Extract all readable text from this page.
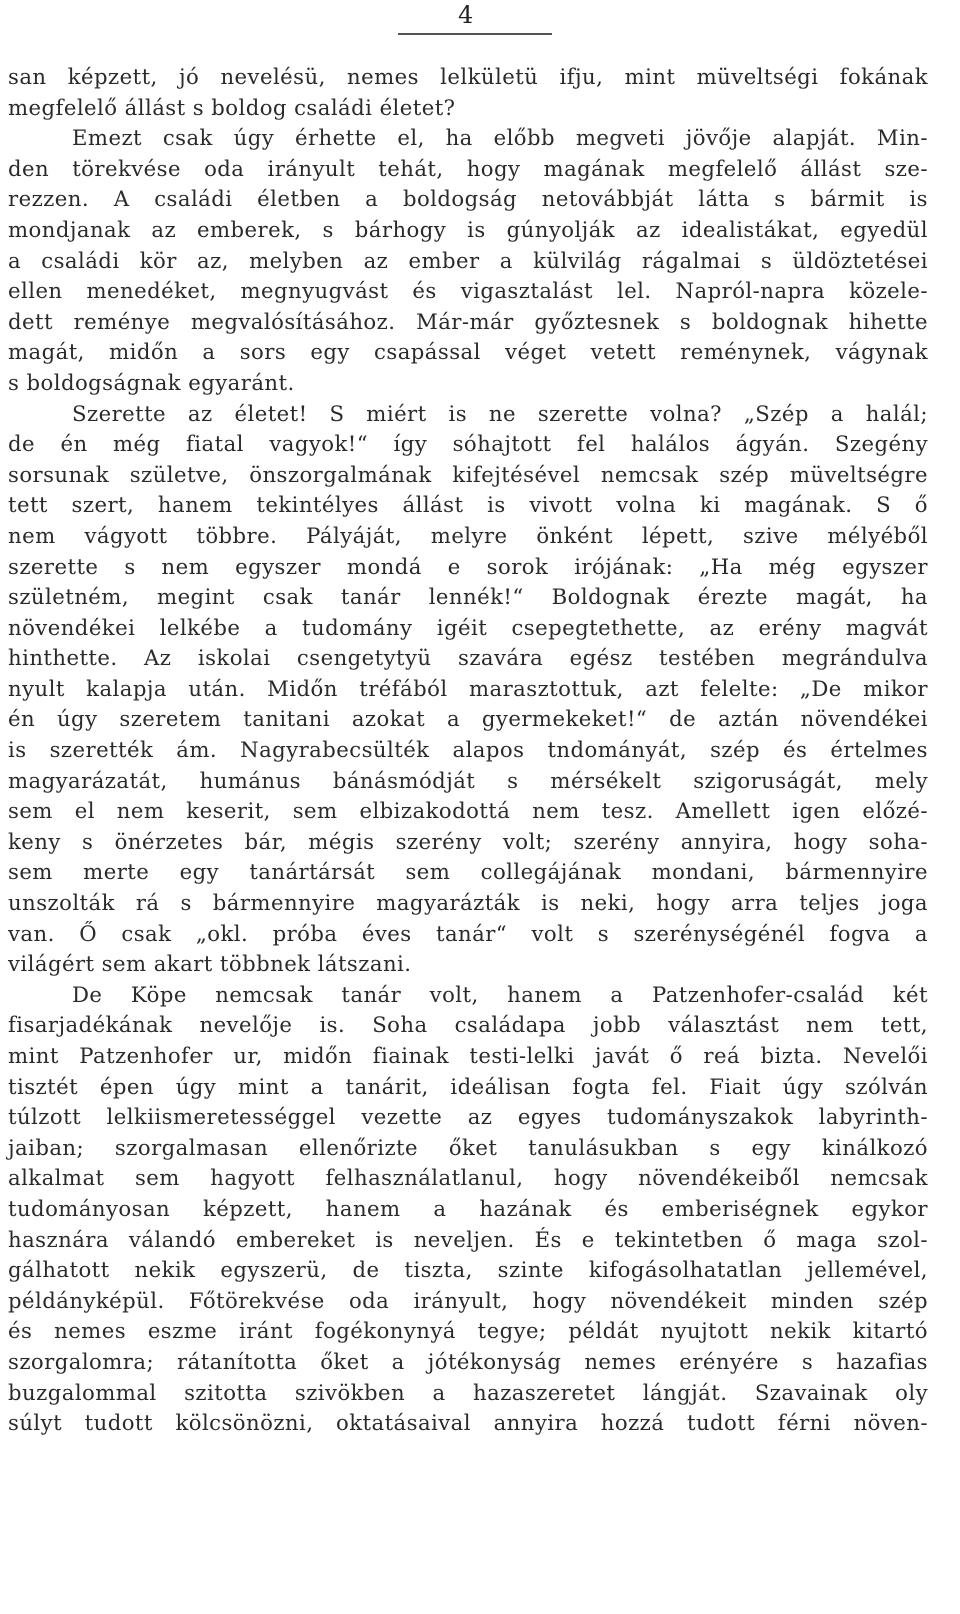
4
san képzett, jó nevelésü, nemes lelkületü ifju, mint müveltségi fokának
megfelelő állást s boldog családi életet?
Emezt csak úgy érhette el, ha előbb megveti jövője alapját. Min-
den törekvése oda irányult tehát, hogy magának megfelelő állást sze-
rezzen. A családi életben a boldogság netovábbját látta s bármit is
mondjanak az emberek, s bárhogy is gúnyolják az idealistákat, egyedül
a családi kör az, melyben az ember a külvilág rágalmai s üldöztetései
ellen menedéket, megnyugvást és vigasztalást lel. Napról-napra közele-
dett reménye megvalósításához. Már-már győztesnek s boldognak hihette
magát, midőn a sors egy csapással véget vetett reménynek, vágynak
s boldogságnak egyaránt.
Szerette az életet! S miért is ne szerette volna? „Szép a halál;
de én még fiatal vagyok!“ így sóhajtott fel halálos ágyán. Szegény
sorsunak születve, önszorgalmának kifejtésével nemcsak szép müveltségre
tett szert, hanem tekintélyes állást is vivott volna ki magának. S ő
nem vágyott többre. Pályáját, melyre önként lépett, szive mélyéből
szerette s nem egyszer mondá e sorok irójának: „Ha még egyszer
születném, megint csak tanár lennék!“ Boldognak érezte magát, ha
növendékei lelkébe a tudomány igéit csepegtethette, az erény magvát
hinthette. Az iskolai csengetytyü szavára egész testében megrándulva
nyult kalapja után. Midőn tréfából marasztottuk, azt felelte: „De mikor
én úgy szeretem tanitani azokat a gyermekeket!“ de aztán növendékei
is szerették ám. Nagyrabecsülték alapos tndományát, szép és értelmes
magyarázatát, humánus bánásmódját s mérsékelt szigoruságát, mely
sem el nem keserit, sem elbizakodottá nem tesz. Amellett igen előzé-
keny s önérzetes bár, mégis szerény volt; szerény annyira, hogy soha-
sem merte egy tanártársát sem collegájának mondani, bármennyire
unszolták rá s bármennyire magyarázták is neki, hogy arra teljes joga
van. Ő csak „okl. próba éves tanár“ volt s szerénységénél fogva a
világért sem akart többnek látszani.
De Köpe nemcsak tanár volt, hanem a Patzenhofer-család két
fisarjadékának nevelője is. Soha családapa jobb választást nem tett,
mint Patzenhofer ur, midőn fiainak testi-lelki javát ő reá bizta. Nevelői
tisztét épen úgy mint a tanárit, ideálisan fogta fel. Fiait úgy szólván
túlzott lelkiismeretességgel vezette az egyes tudományszakok labyrinth-
jaiban; szorgalmasan ellenőrizte őket tanulásukban s egy kinálkozó
alkalmat sem hagyott felhasználatlanul, hogy növendékeiből nemcsak
tudományosan képzett, hanem a hazának és emberiségnek egykor
hasznára válandó embereket is neveljen. És e tekintetben ő maga szol-
gálhatott nekik egyszerü, de tiszta, szinte kifogásolhatatlan jellemével,
példányképül. Főtörekvése oda irányult, hogy növendékeit minden szép
és nemes eszme iránt fogékonynyá tegye; példát nyujtott nekik kitartó
szorgalomra; rátanította őket a jótékonyság nemes erényére s hazafias
buzgalommal szitotta szivökben a hazaszeretet lángját. Szavainak oly
súlyt tudott kölcsönözni, oktatásaival annyira hozzá tudott férni növen-
